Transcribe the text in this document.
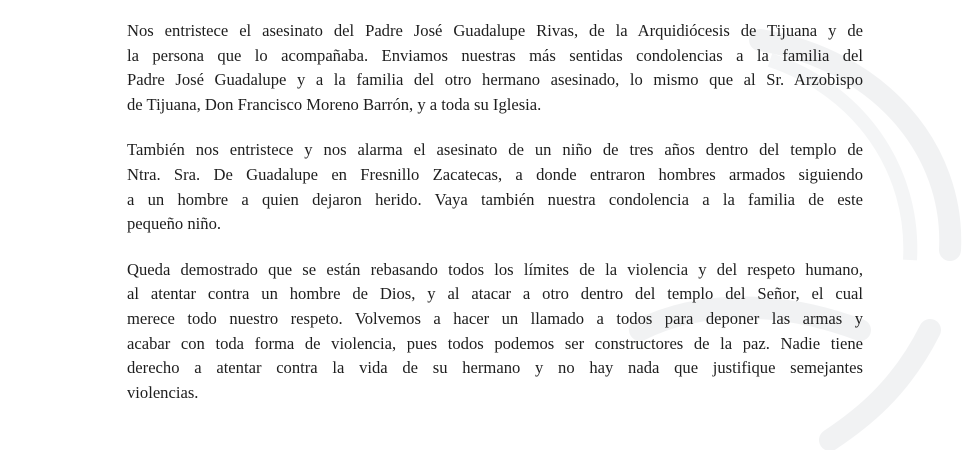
Nos entristece el asesinato del Padre José Guadalupe Rivas, de la Arquidiócesis de Tijuana y de
la persona que lo acompañaba. Enviamos nuestras más sentidas condolencias a la familia del
Padre José Guadalupe y a la familia del otro hermano asesinado, lo mismo que al Sr. Arzobispo
de Tijuana, Don Francisco Moreno Barrón, y a toda su Iglesia.

También nos entristece y nos alarma el asesinato de un niño de tres años dentro del templo de
Ntra. Sra. De Guadalupe en Fresnillo Zacatecas, a donde entraron hombres armados siguiendo
a un hombre a quien dejaron herido. Vaya también nuestra condolencia a la familia de este
pequeño niño.

Queda demostrado que se están rebasando todos los límites de la violencia y del respeto humano,
al atentar contra un hombre de Dios, y al atacar a otro dentro del templo del Señor, el cual
merece todo nuestro respeto. Volvemos a hacer un llamado a todos para deponer las armas y
acabar con toda forma de violencia, pues todos podemos ser constructores de la paz. Nadie tiene
derecho a atentar contra la vida de su hermano y no hay nada que justifique semejantes
violencias.
